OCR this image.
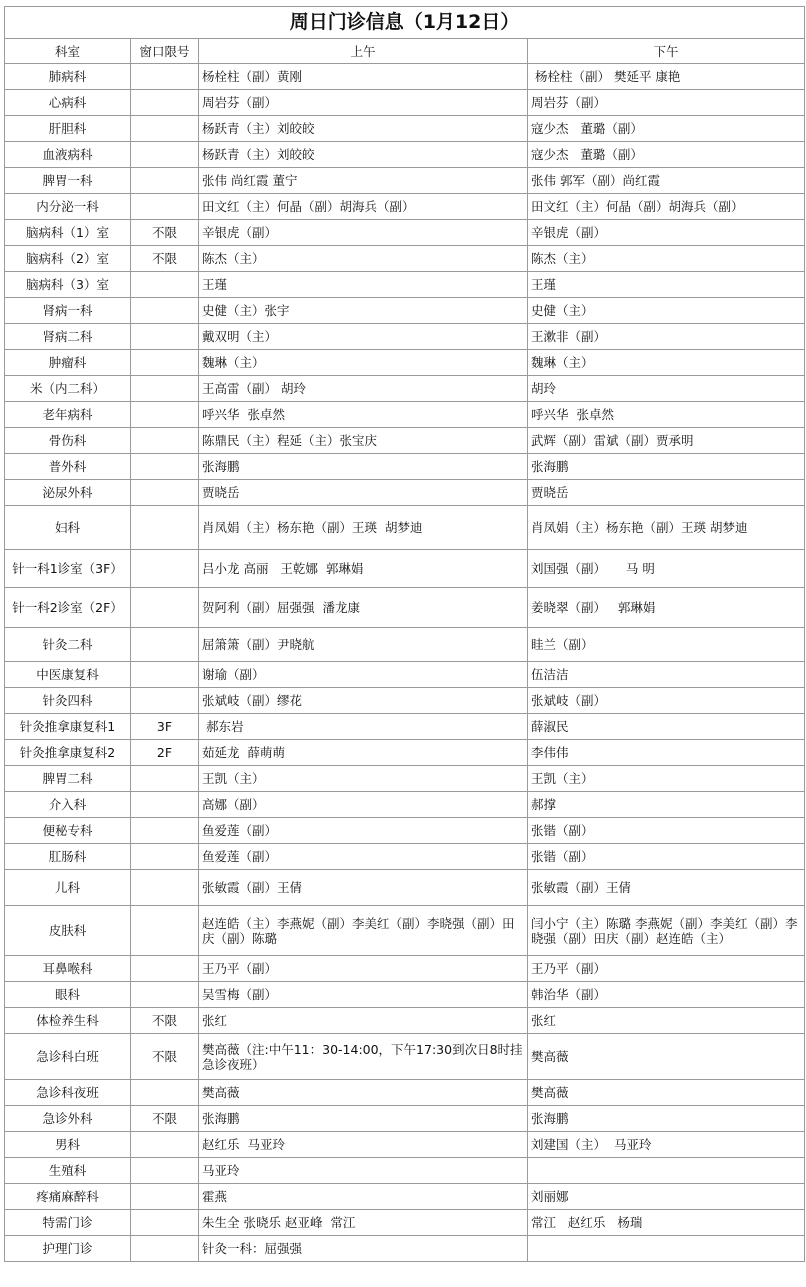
周日门诊信息（1月12日）			
科室	窗口限号	上午	下午
肺病科		杨栓柱（副）黄刚	杨栓柱（副） 樊延平 康艳
心病科		周岩芬（副）	周岩芬（副）
肝胆科		杨跃青（主）刘皎皎	寇少杰   董璐（副）
血液病科		杨跃青（主）刘皎皎	寇少杰   董璐（副）
脾胃一科		张伟 尚红霞 董宁	张伟 郭军（副）尚红霞
内分泌一科		田文红（主）何晶（副）胡海兵（副）	田文红（主）何晶（副）胡海兵（副）
脑病科（1）室	不限	辛银虎（副）	辛银虎（副）
脑病科（2）室	不限	陈杰（主）	陈杰（主）
脑病科（3）室		王瑾	王瑾
肾病一科		史健（主）张宇	史健（主）
肾病二科		戴双明（主）	王漱非（副）
肿瘤科		魏琳（主）	魏琳（主）
米（内二科）		王高雷（副） 胡玲	胡玲
老年病科		呼兴华  张卓然	呼兴华  张卓然
骨伤科		陈鼎民（主）程延（主）张宝庆	武辉（副）雷斌（副）贾承明
普外科		张海鹏	张海鹏
泌尿外科		贾晓岳	贾晓岳
妇科		肖凤娟（主）杨东艳（副）王瑛  胡梦迪	肖凤娟（主）杨东艳（副）王瑛 胡梦迪
针一科1诊室（3F）		吕小龙 高丽   王乾娜  郭琳娟	刘国强（副）     马 明
针一科2诊室（2F）		贺阿利（副）屈强强  潘龙康	姜晓翠（副）   郭琳娟
针灸二科		屈箫箫（副）尹晓航	眭兰（副）
中医康复科		谢瑜（副）	伍洁洁
针灸四科		张斌岐（副）缪花	张斌岐（副）
针灸推拿康复科1	3F	郝东岩	薛淑民
针灸推拿康复科2	2F	茹延龙  薛萌萌	李伟伟
脾胃二科		王凯（主）	王凯（主）
介入科		高娜（副）	郝撑
便秘专科		鱼爱莲（副）	张锴（副）
肛肠科		鱼爱莲（副）	张锴（副）
儿科		张敏霞（副）王倩	张敏霞（副）王倩
皮肤科		赵连皓（主）李燕妮（副）李美红（副）李晓强（副）田庆（副）陈璐	闫小宁（主）陈璐 李燕妮（副）李美红（副）李晓强（副）田庆（副）赵连皓（主）
耳鼻喉科		王乃平（副）	王乃平（副）
眼科		吴雪梅（副）	韩治华（副）
体检养生科	不限	张红	张红
急诊科白班	不限	樊高薇（注:中午11：30-14:00，下午17:30到次日8时挂急诊夜班）	樊高薇
急诊科夜班		樊高薇	樊高薇
急诊外科	不限	张海鹏	张海鹏
男科		赵红乐  马亚玲	刘建国（主）  马亚玲
生殖科		马亚玲	
疼痛麻醉科		霍燕	刘丽娜
特需门诊		朱生全 张晓乐 赵亚峰  常江	常江   赵红乐   杨瑞
护理门诊		针灸一科：屈强强	
